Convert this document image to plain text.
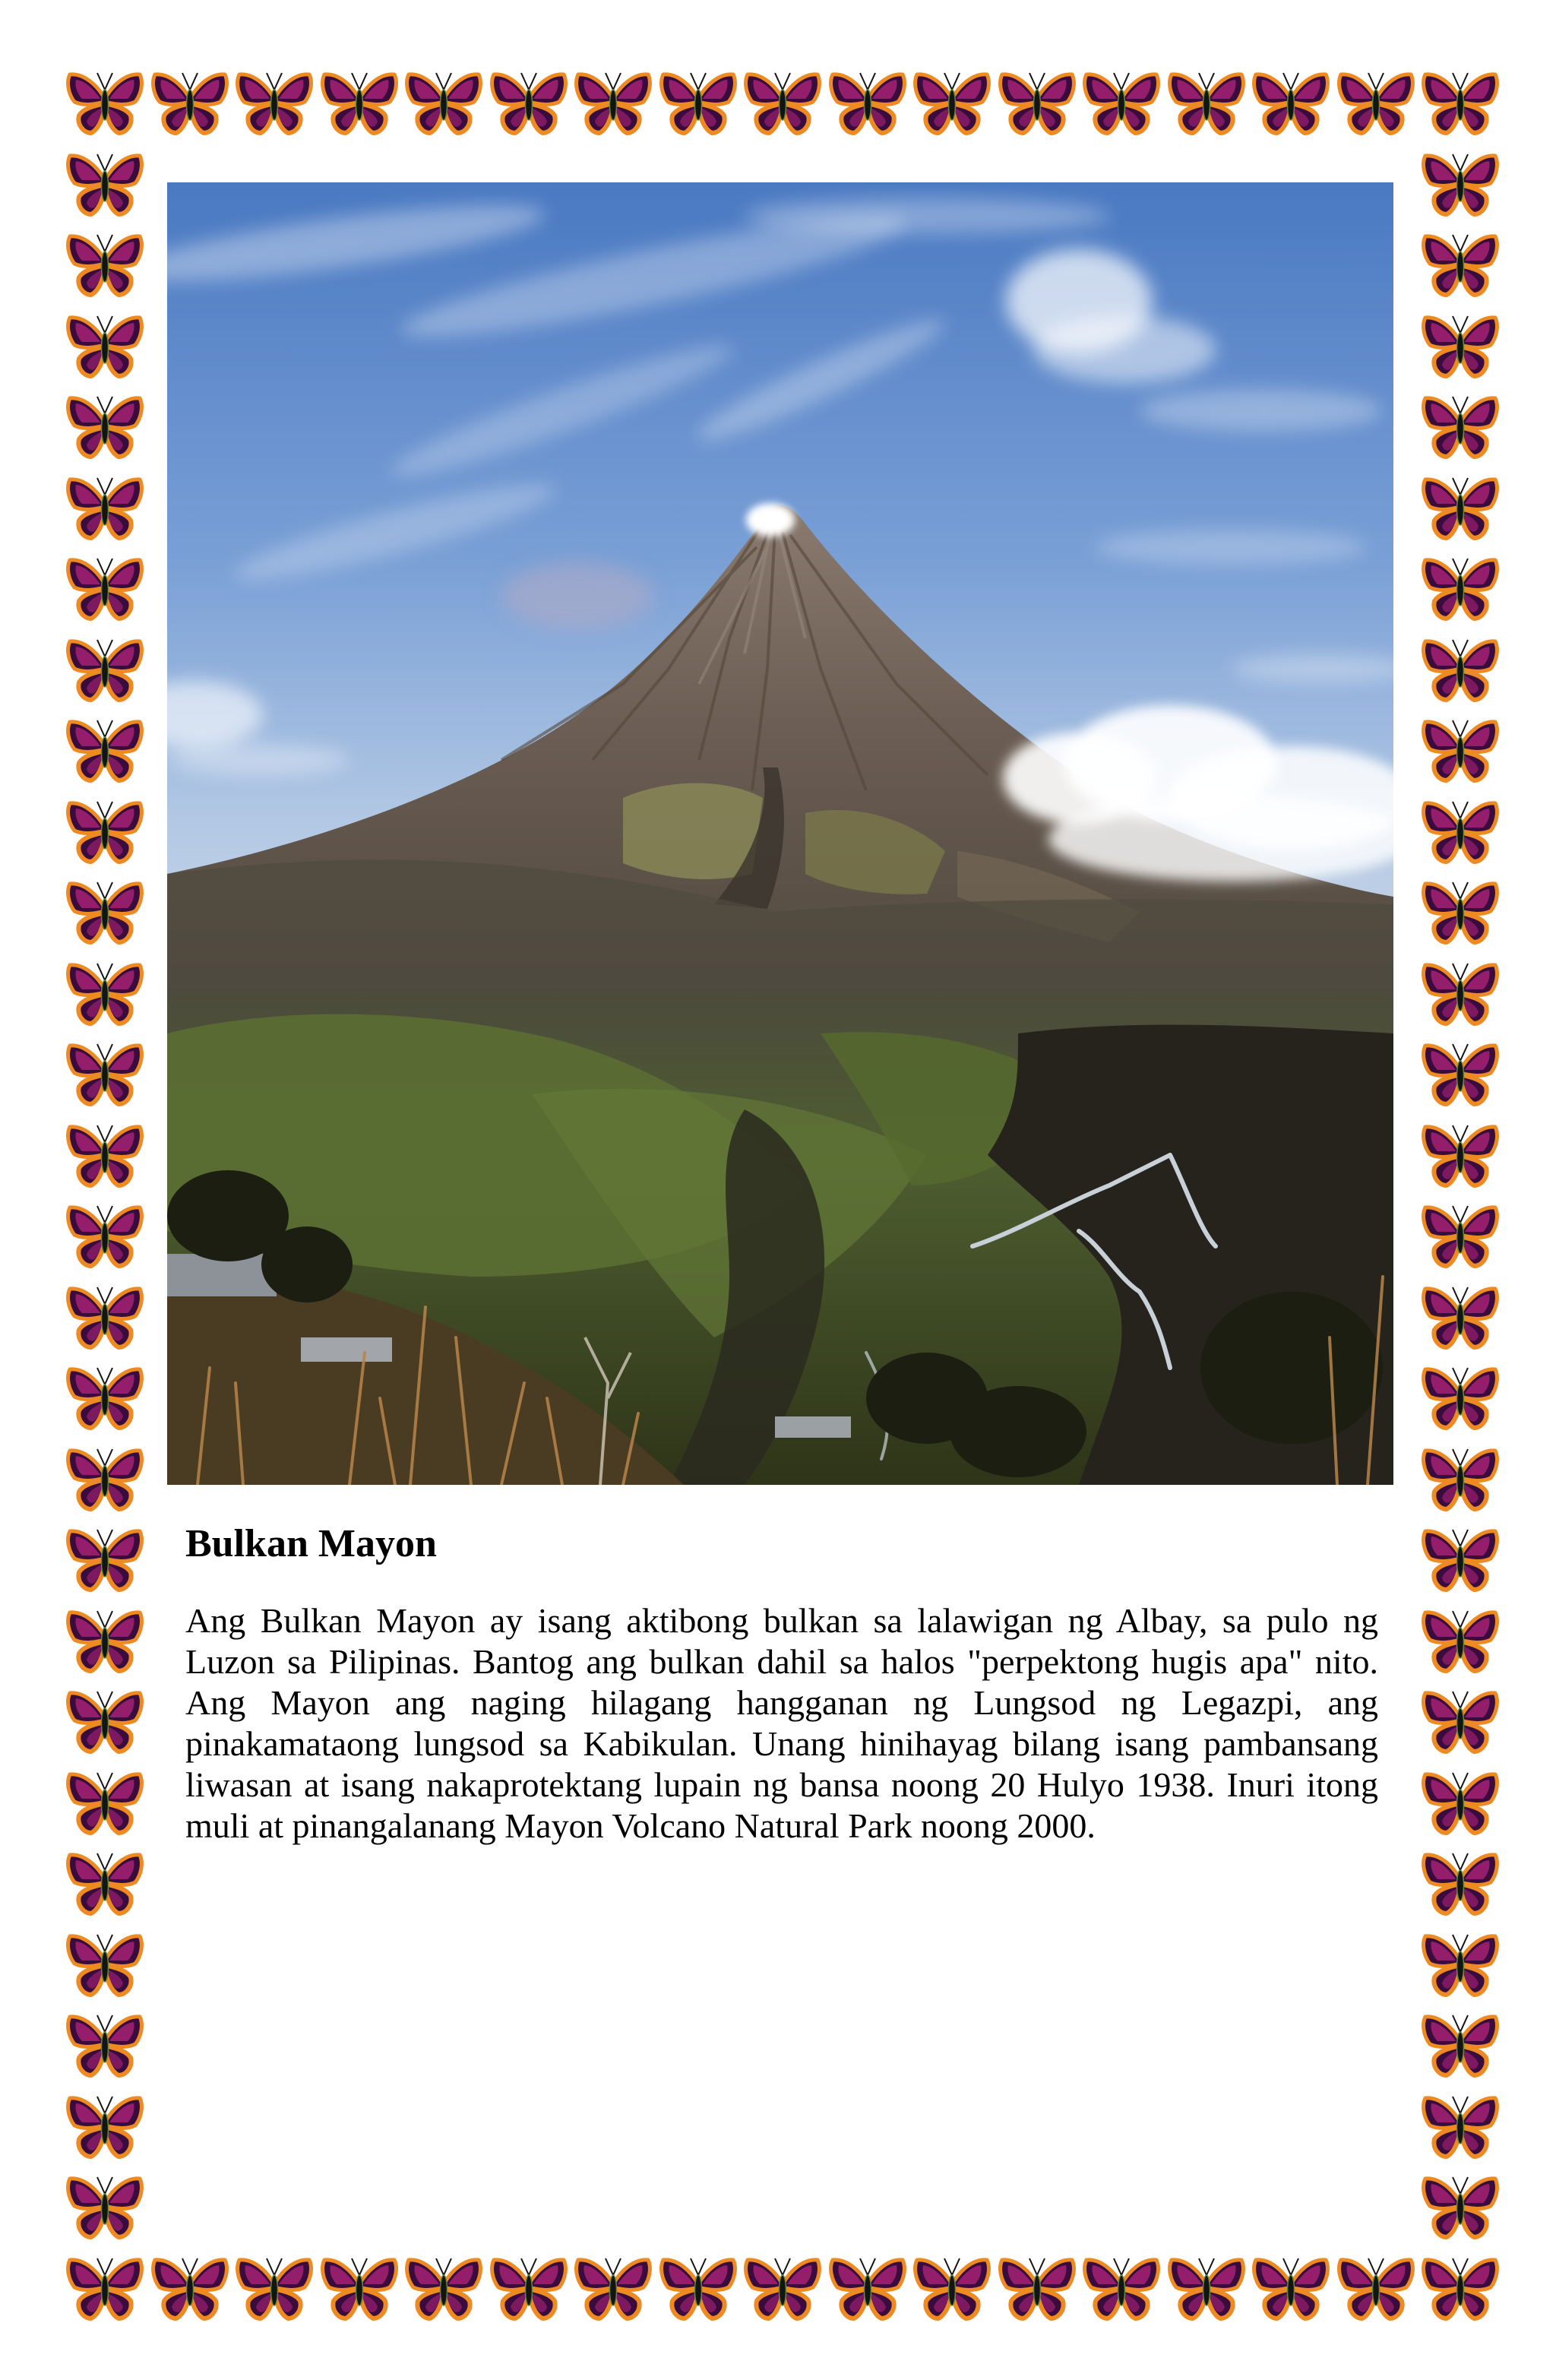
Bulkan Mayon
Ang Bulkan Mayon ay isang aktibong bulkan sa lalawigan ng Albay, sa pulo ng
Luzon sa Pilipinas. Bantog ang bulkan dahil sa halos "perpektong hugis apa" nito.
Ang Mayon ang naging hilagang hangganan ng Lungsod ng Legazpi, ang
pinakamataong lungsod sa Kabikulan. Unang hinihayag bilang isang pambansang
liwasan at isang nakaprotektang lupain ng bansa noong 20 Hulyo 1938. Inuri itong
muli at pinangalanang Mayon Volcano Natural Park noong 2000.
